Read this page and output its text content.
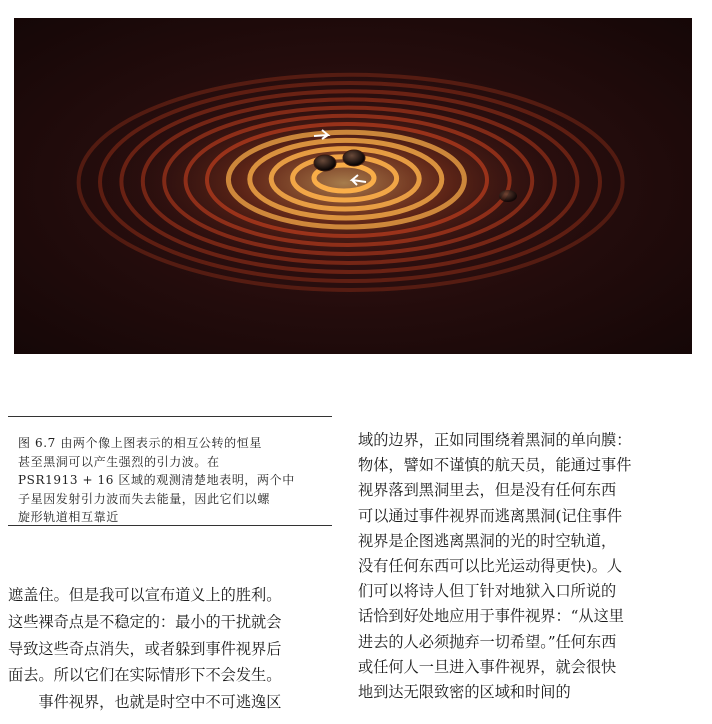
图 6.7 由两个像上图表示的相互公转的恒星
甚至黑洞可以产生强烈的引力波。在
PSR1913 + 16 区域的观测清楚地表明，两个中
子星因发射引力波而失去能量，因此它们以螺
旋形轨道相互靠近
域的边界，正如同围绕着黑洞的单向膜：
物体，譬如不谨慎的航天员，能通过事件
视界落到黑洞里去，但是没有任何东西
可以通过事件视界而逃离黑洞(记住事件
视界是企图逃离黑洞的光的时空轨道，
没有任何东西可以比光运动得更快)。人
们可以将诗人但丁针对地狱入口所说的
话恰到好处地应用于事件视界：“从这里
进去的人必须抛弃一切希望。”任何东西
或任何人一旦进入事件视界，就会很快
地到达无限致密的区域和时间的
遮盖住。但是我可以宣布道义上的胜利。
这些裸奇点是不稳定的：最小的干扰就会
导致这些奇点消失，或者躲到事件视界后
面去。所以它们在实际情形下不会发生。
　　事件视界，也就是时空中不可逃逸区
